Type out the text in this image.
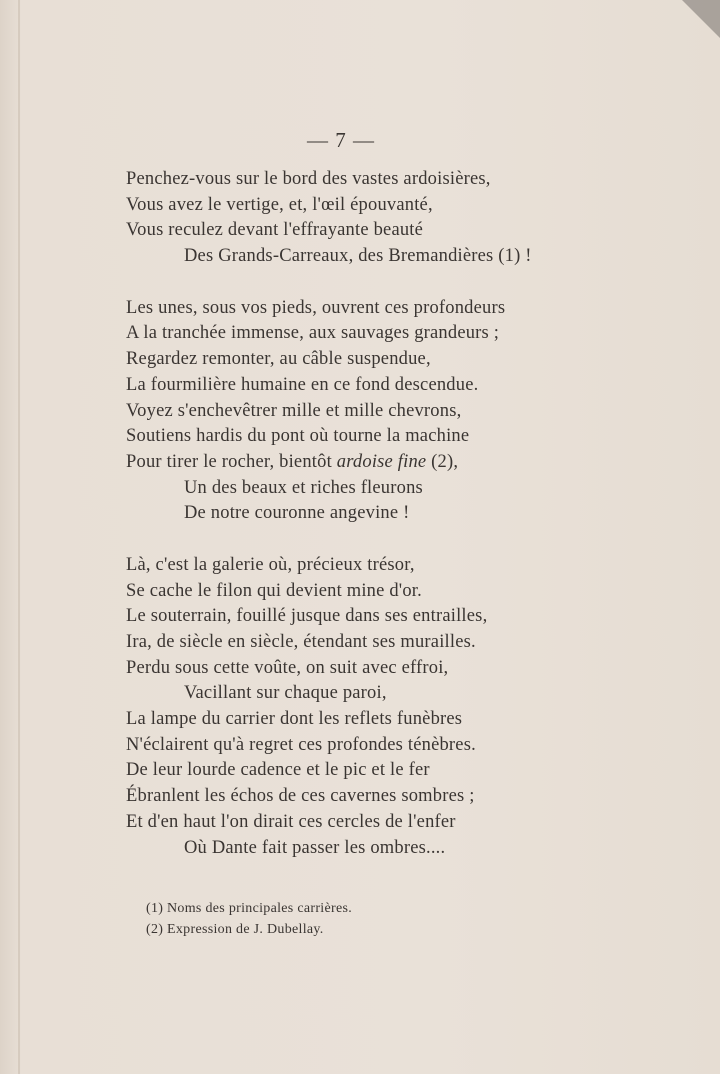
— 7 —
Penchez-vous sur le bord des vastes ardoisières,
Vous avez le vertige, et, l'œil épouvanté,
Vous reculez devant l'effrayante beauté
Des Grands-Carreaux, des Bremandières (1) !
Les unes, sous vos pieds, ouvrent ces profondeurs
A la tranchée immense, aux sauvages grandeurs ;
Regardez remonter, au câble suspendue,
La fourmilière humaine en ce fond descendue.
Voyez s'enchevêtrer mille et mille chevrons,
Soutiens hardis du pont où tourne la machine
Pour tirer le rocher, bientôt ardoise fine (2),
Un des beaux et riches fleurons
De notre couronne angevine !
Là, c'est la galerie où, précieux trésor,
Se cache le filon qui devient mine d'or.
Le souterrain, fouillé jusque dans ses entrailles,
Ira, de siècle en siècle, étendant ses murailles.
Perdu sous cette voûte, on suit avec effroi,
Vacillant sur chaque paroi,
La lampe du carrier dont les reflets funèbres
N'éclairent qu'à regret ces profondes ténèbres.
De leur lourde cadence et le pic et le fer
Ébranlent les échos de ces cavernes sombres ;
Et d'en haut l'on dirait ces cercles de l'enfer
Où Dante fait passer les ombres....
(1) Noms des principales carrières.
(2) Expression de J. Dubellay.
